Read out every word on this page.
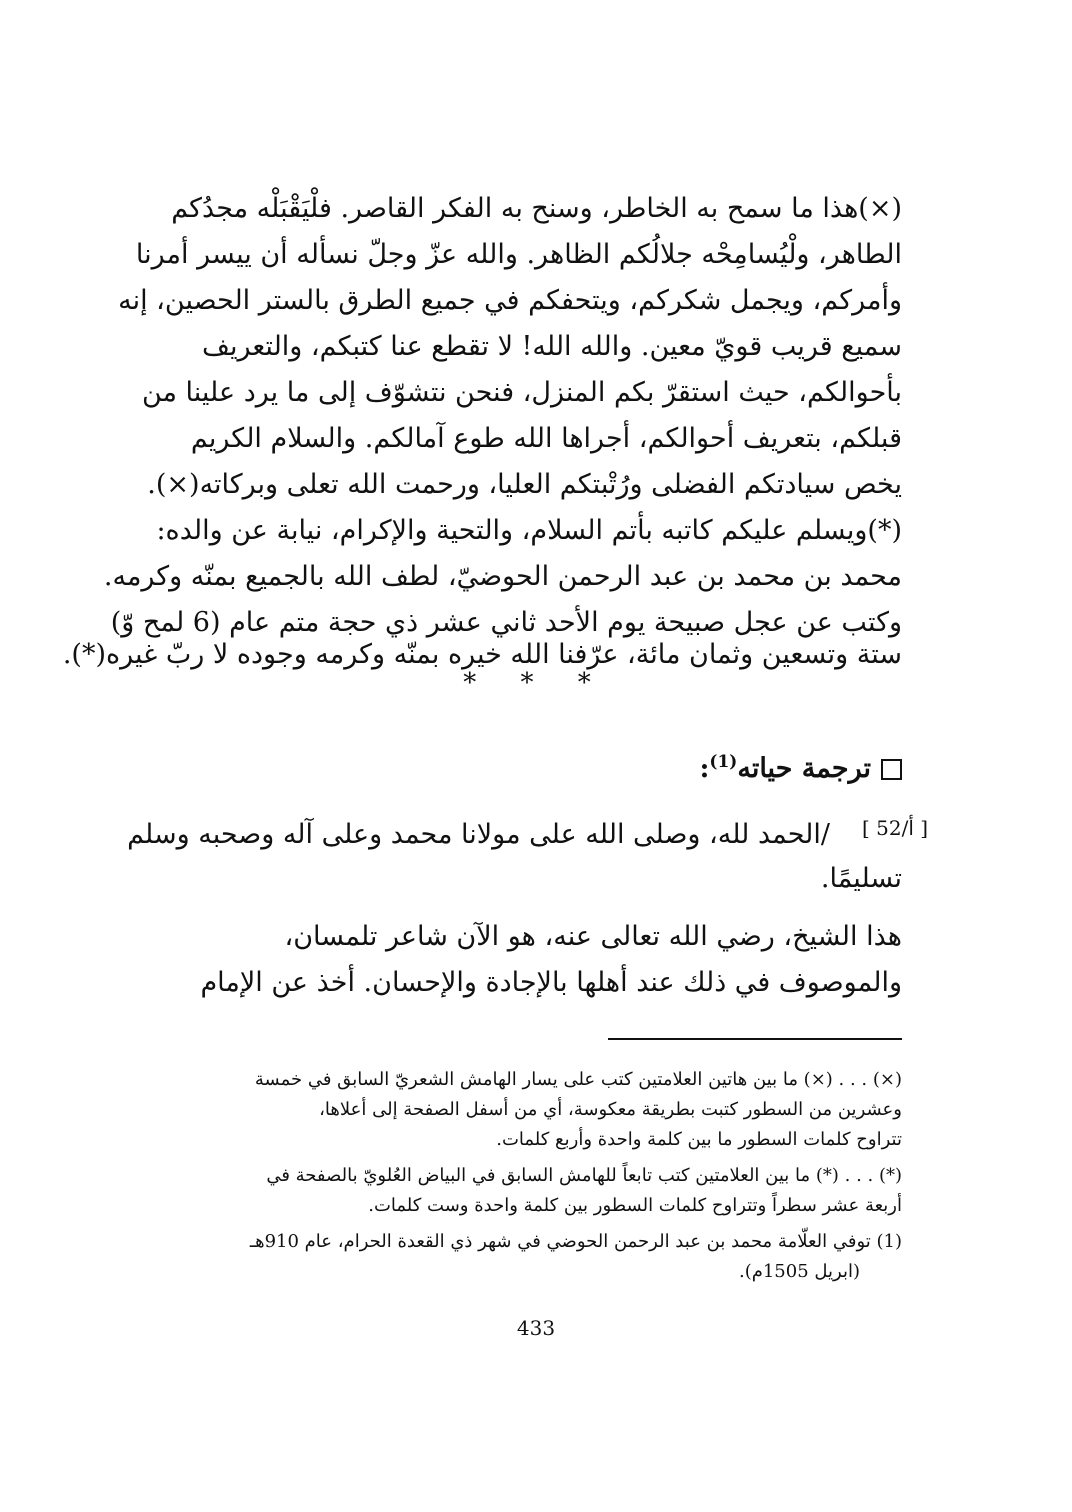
(×)هذا ما سمح به الخاطر، وسنح به الفكر القاصر. فلْيَقْبَلْه مجدُكم
الطاهر، ولْيُسامِحْه جلالُكم الظاهر. والله عزّ وجلّ نسأله أن ييسر أمرنا
وأمركم، ويجمل شكركم، ويتحفكم في جميع الطرق بالستر الحصين، إنه
سميع قريب قويّ معين. والله الله! لا تقطع عنا كتبكم، والتعريف
بأحوالكم، حيث استقرّ بكم المنزل، فنحن نتشوّف إلى ما يرد علينا من
قبلكم، بتعريف أحوالكم، أجراها الله طوع آمالكم. والسلام الكريم
يخص سيادتكم الفضلى ورُتْبتكم العليا، ورحمت الله تعلى وبركاته(×).
(*)ويسلم عليكم كاتبه بأتم السلام، والتحية والإكرام، نيابة عن والده:
محمد بن محمد بن عبد الرحمن الحوضيّ، لطف الله بالجميع بمنّه وكرمه.
وكتب عن عجل صبيحة يوم الأحد ثاني عشر ذي حجة متم عام (6 لمح وّ)
ستة وتسعين وثمان مائة، عرّفنا الله خيره بمنّه وكرمه وجوده لا ربّ غيره(*).
* * *
ترجمة حياته$^{(1)}$:
[ 52/أ ]
/الحمد لله، وصلى الله على مولانا محمد وعلى آله وصحبه وسلم
تسليمًا.
هذا الشيخ، رضي الله تعالى عنه، هو الآن شاعر تلمسان،
والموصوف في ذلك عند أهلها بالإجادة والإحسان. أخذ عن الإمام
(×) . . . (×) ما بين هاتين العلامتين كتب على يسار الهامش الشعريّ السابق في خمسة
وعشرين من السطور كتبت بطريقة معكوسة، أي من أسفل الصفحة إلى أعلاها،
تتراوح كلمات السطور ما بين كلمة واحدة وأربع كلمات.
(*) . . . (*) ما بين العلامتين كتب تابعاً للهامش السابق في البياض العُلويّ بالصفحة في
أربعة عشر سطراً وتتراوح كلمات السطور بين كلمة واحدة وست كلمات.
(1) توفي العلّامة محمد بن عبد الرحمن الحوضي في شهر ذي القعدة الحرام، عام 910هـ
(ابريل 1505م).
433
